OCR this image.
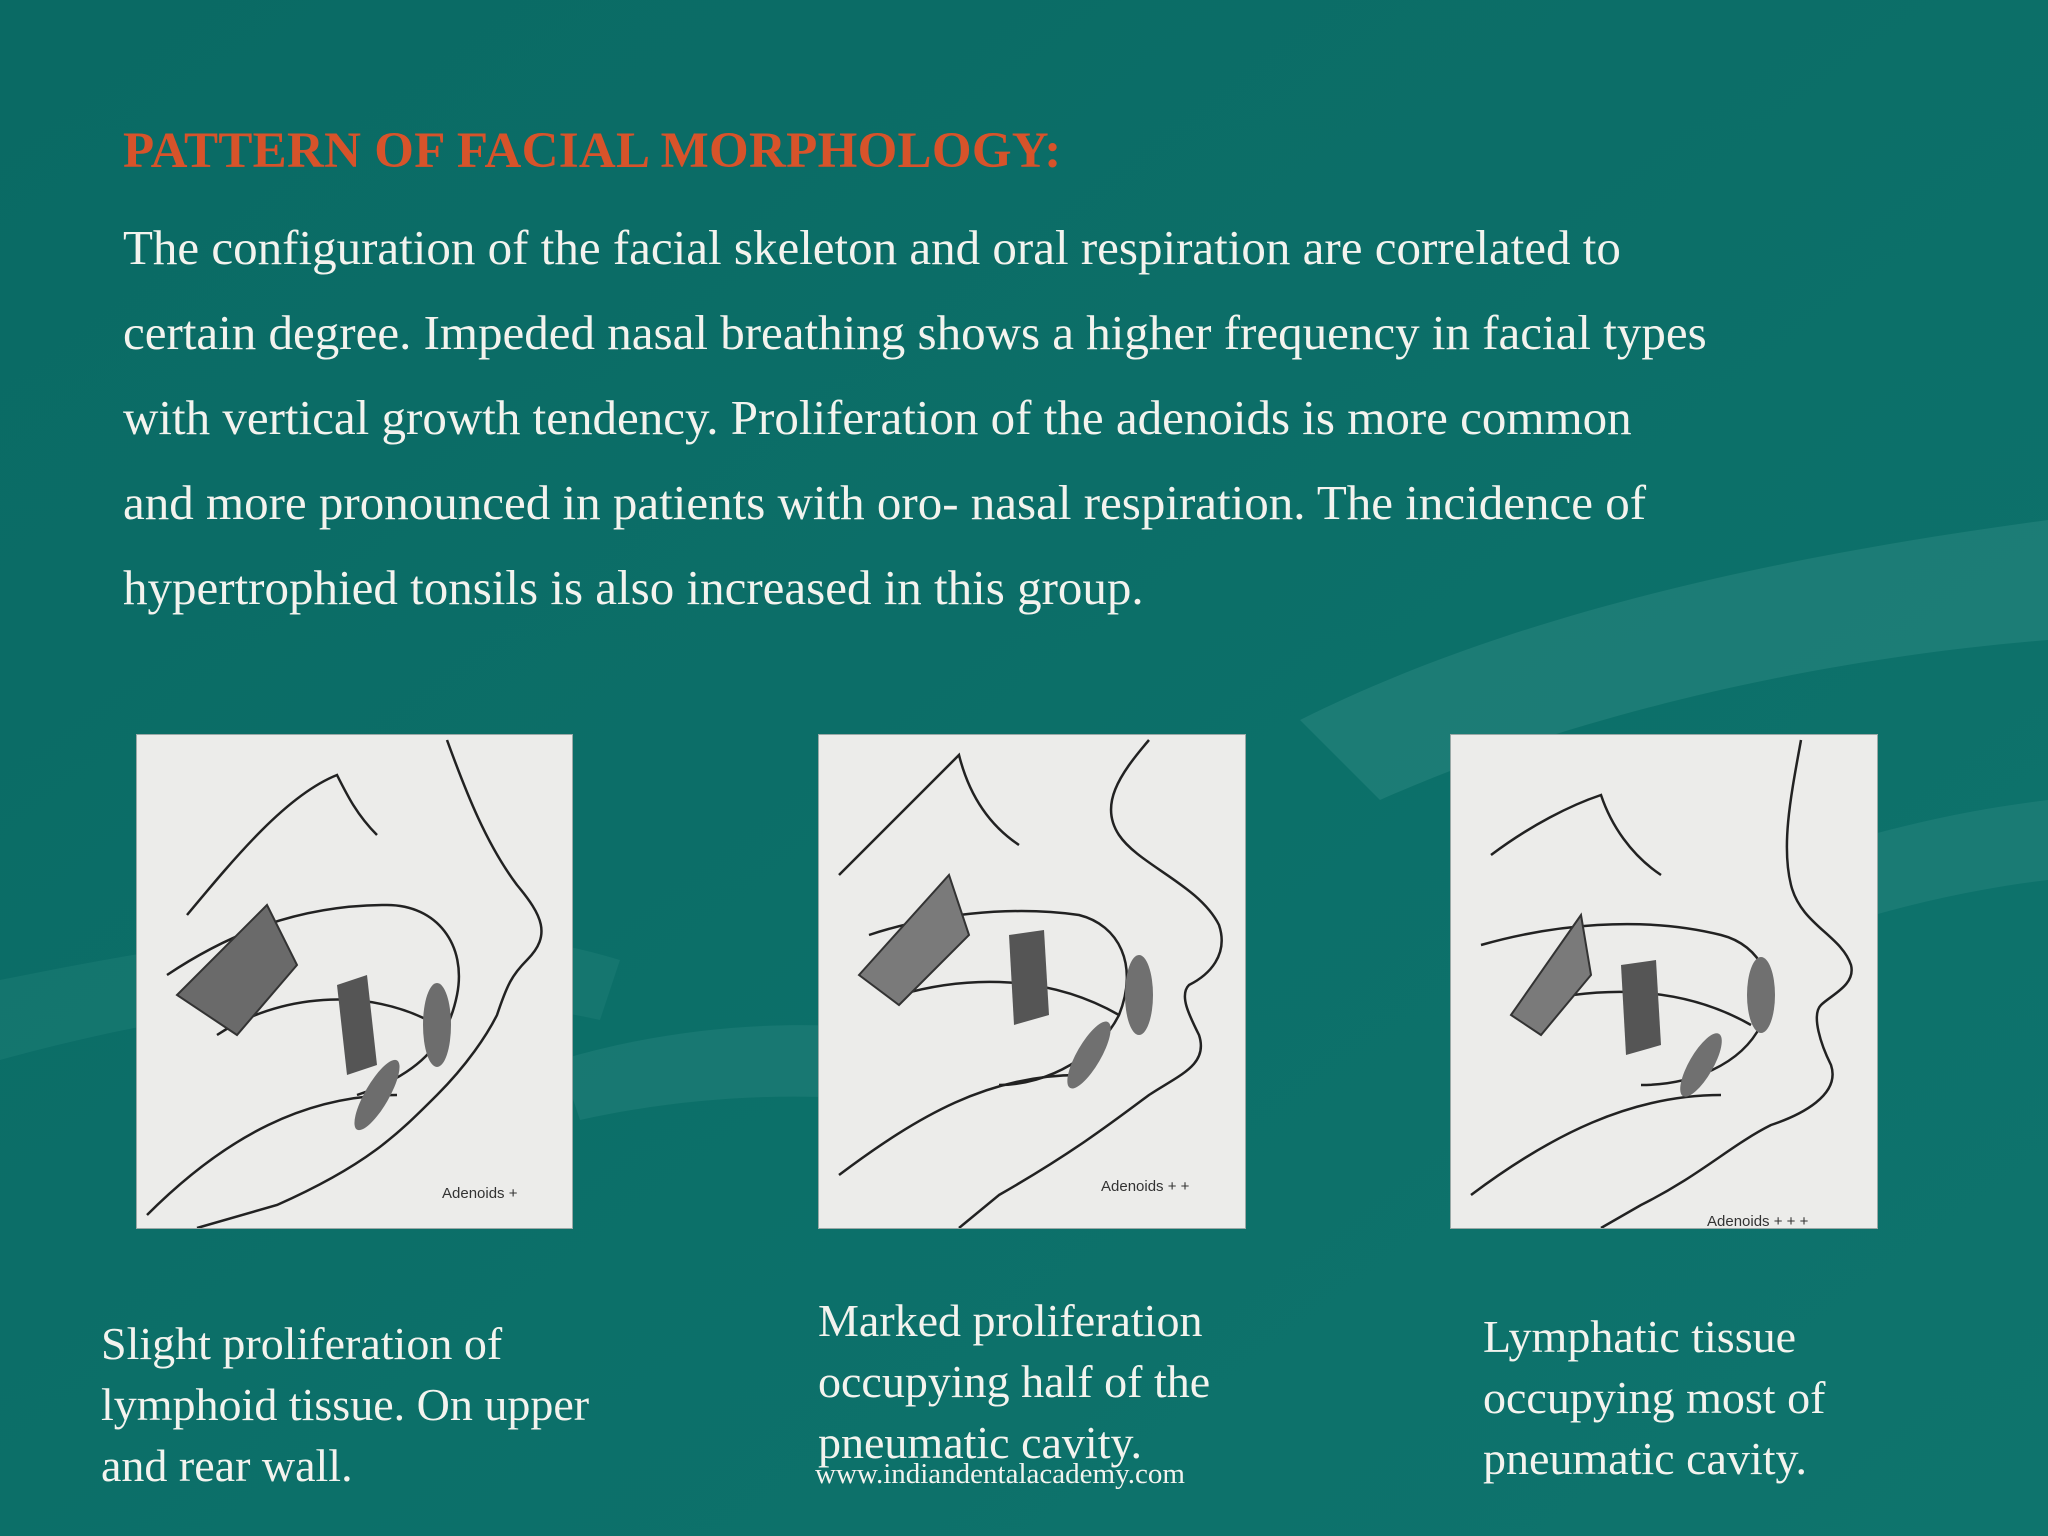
PATTERN OF FACIAL MORPHOLOGY:
The configuration of the facial skeleton and oral respiration are correlated to
certain degree. Impeded nasal breathing shows a higher frequency in facial types
with vertical growth tendency. Proliferation of the adenoids is more common
and more pronounced in patients with oro- nasal respiration. The incidence of
hypertrophied tonsils is also increased in this group.
Adenoids +	Adenoids + +
Adenoids + + +
Slight proliferation of
lymphoid tissue. On upper
and rear wall.
Marked proliferation
occupying half of the
pneumatic cavity.
Lymphatic tissue
occupying most of
pneumatic cavity.
www.indiandentalacademy.com
